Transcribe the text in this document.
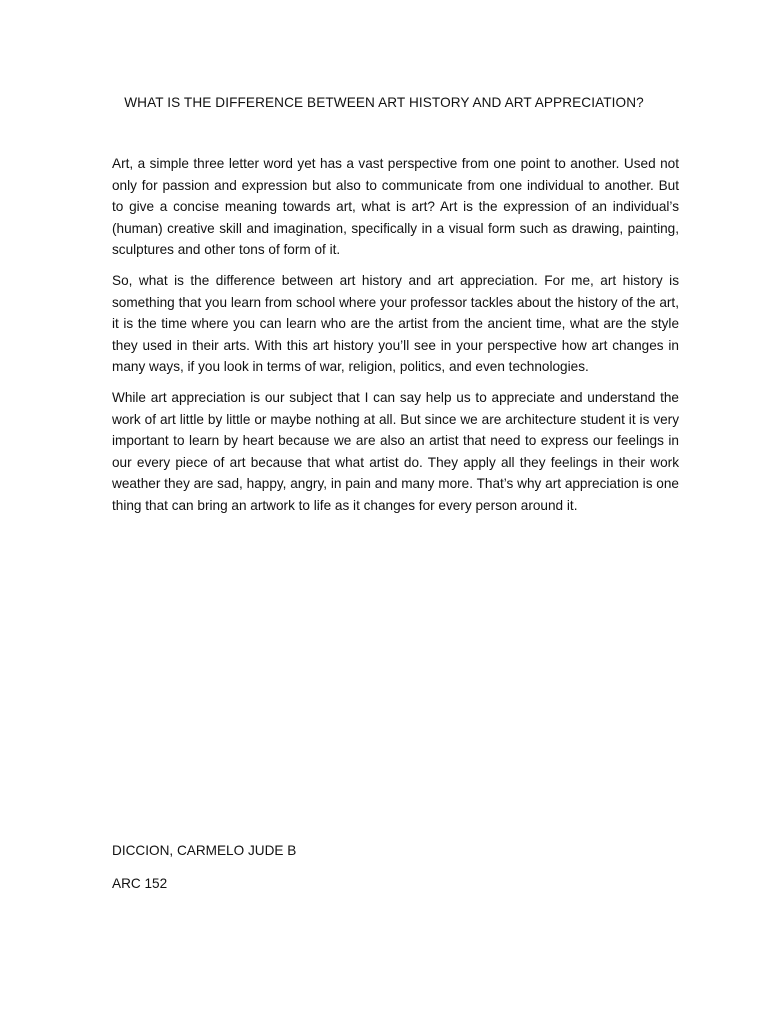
WHAT IS THE DIFFERENCE BETWEEN ART HISTORY AND ART APPRECIATION?

Art, a simple three letter word yet has a vast perspective from one point to another. Used not only for passion and expression but also to communicate from one individual to another. But to give a concise meaning towards art, what is art? Art is the expression of an individual’s (human) creative skill and imagination, specifically in a visual form such as drawing, painting, sculptures and other tons of form of it.

So, what is the difference between art history and art appreciation. For me, art history is something that you learn from school where your professor tackles about the history of the art, it is the time where you can learn who are the artist from the ancient time, what are the style they used in their arts. With this art history you’ll see in your perspective how art changes in many ways, if you look in terms of war, religion, politics, and even technologies.

While art appreciation is our subject that I can say help us to appreciate and understand the work of art little by little or maybe nothing at all. But since we are architecture student it is very important to learn by heart because we are also an artist that need to express our feelings in our every piece of art because that what artist do. They apply all they feelings in their work weather they are sad, happy, angry, in pain and many more. That’s why art appreciation is one thing that can bring an artwork to life as it changes for every person around it.

DICCION, CARMELO JUDE B
ARC 152
